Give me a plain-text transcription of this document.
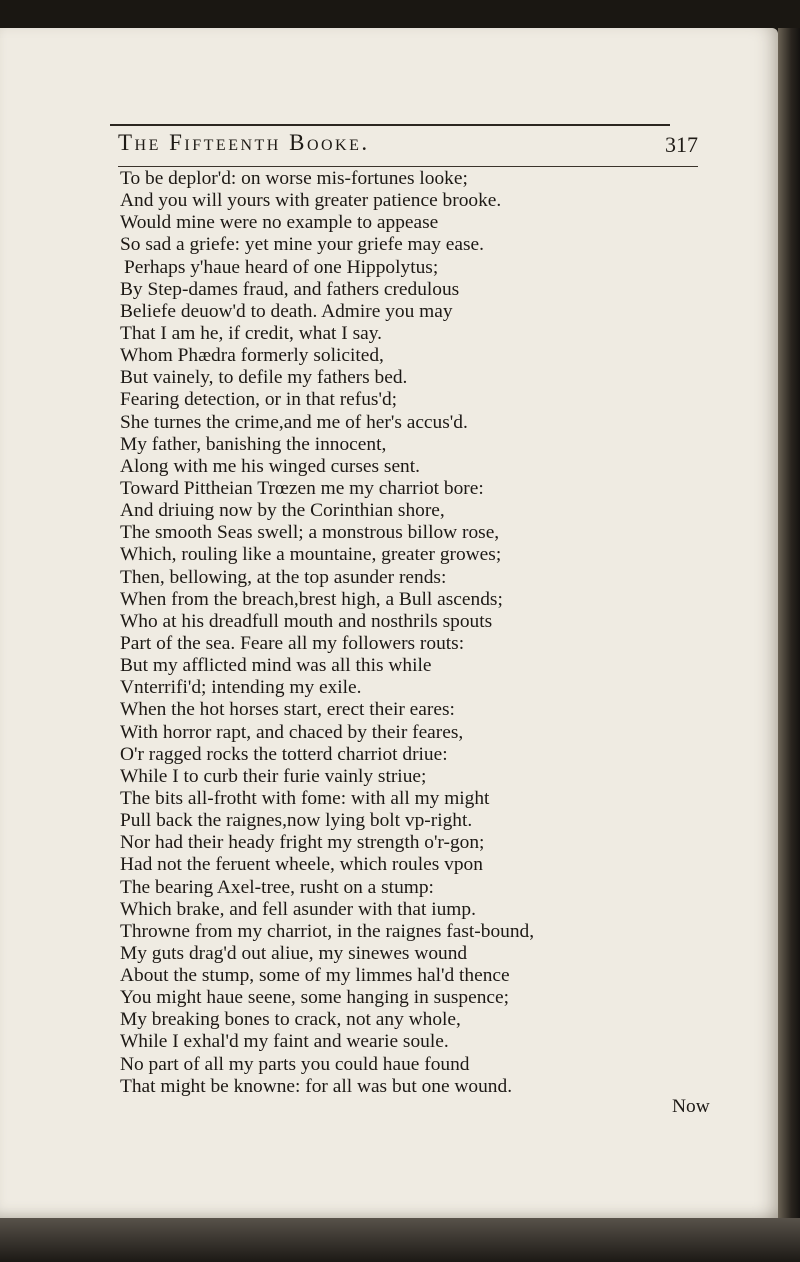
The Fifteenth Booke.	317
To be deplor'd: on worse mis-fortunes looke;
And you will yours with greater patience brooke.
Would mine were no example to appease
So sad a griefe: yet mine your griefe may ease.
Perhaps y'haue heard of one Hippolytus;
By Step-dames fraud, and fathers credulous
Beliefe deuow'd to death. Admire you may
That I am he, if credit, what I say.
Whom Phædra formerly solicited,
But vainely, to defile my fathers bed.
Fearing detection, or in that refus'd;
She turnes the crime,and me of her's accus'd.
My father, banishing the innocent,
Along with me his winged curses sent.
Toward Pittheian Trœzen me my charriot bore:
And driuing now by the Corinthian shore,
The smooth Seas swell; a monstrous billow rose,
Which, rouling like a mountaine, greater growes;
Then, bellowing, at the top asunder rends:
When from the breach,brest high, a Bull ascends;
Who at his dreadfull mouth and nosthrils spouts
Part of the sea. Feare all my followers routs:
But my afflicted mind was all this while
Vnterrifi'd; intending my exile.
When the hot horses start, erect their eares:
With horror rapt, and chaced by their feares,
O'r ragged rocks the totterd charriot driue:
While I to curb their furie vainly striue;
The bits all-frotht with fome: with all my might
Pull back the raignes,now lying bolt vp-right.
Nor had their heady fright my strength o'r-gon;
Had not the feruent wheele, which roules vpon
The bearing Axel-tree, rusht on a stump:
Which brake, and fell asunder with that iump.
Throwne from my charriot, in the raignes fast-bound,
My guts drag'd out aliue, my sinewes wound
About the stump, some of my limmes hal'd thence
You might haue seene, some hanging in suspence;
My breaking bones to crack, not any whole,
While I exhal'd my faint and wearie soule.
No part of all my parts you could haue found
That might be knowne: for all was but one wound.
Now
